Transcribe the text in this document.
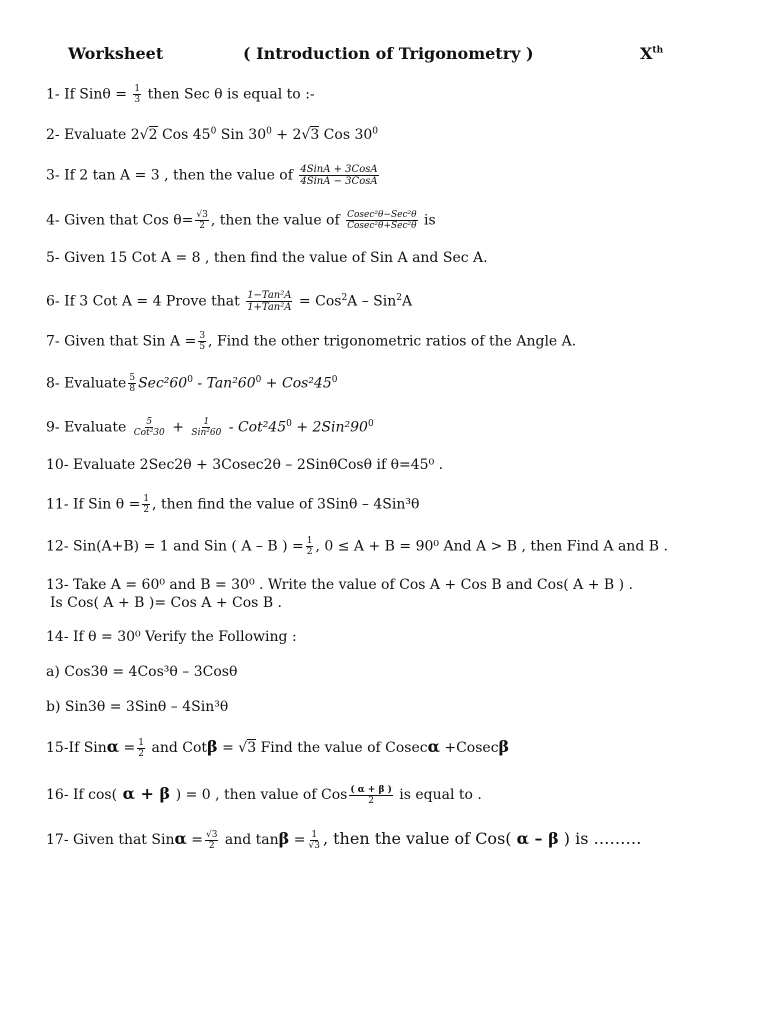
Worksheet	( Introduction of Trigonometry )	Xth
1- If $Sin\theta = \frac{1}{3}$ then Sec θ is equal to :-
2- Evaluate 2√2 Cos $45^0$ Sin $30^0 + 2√3$ Cos $30^0$
3- If 2 tan A = 3 , then the value of $\frac{\text{4SinA + 3CosA}}{\text{4SinA − 3CosA}}$
4- Given that Cos $\theta= \frac{√3}{2}$ , then the value of $\frac{\text{Cosec²θ−Sec²θ}}{\text{Cosec²θ+Sec²θ}}$ is
5- Given 15 Cot A = 8 , then find the value of Sin A and Sec A.
6- If 3 Cot A = 4 Prove that $\frac{\text{1−Tan²A}}{\text{1+Tan²A}} = Cos^2A - Sin^2A$
7- Given that Sin $A = \frac{3}{5}$ , Find the other trigonometric ratios of the Angle A.
8- Evaluate $\frac{5}{8} Sec^260^0 - Tan^260^0 + Cos^245^0$
9- Evaluate $\frac{5}{\text{Cot²30}} + \frac{1}{\text{Sin²60}} - Cot^245^0 + 2Sin^290^0$
10- Evaluate 2Sec2θ + 3Cosec2θ – 2SinθCosθ if θ=45⁰ .
11- If Sin $\theta = \frac{1}{2}$ , then find the value of 3Sinθ – 4Sin³θ
12- Sin(A+B) = 1 and Sin ( A – B ) = $\frac{1}{2}$ , 0 ≤ A + B = 90⁰ And A > B , then Find A and B .
13- Take A = 60⁰ and B = 30⁰ . Write the value of Cos A + Cos B and Cos( A + B ) .
Is Cos( A + B )= Cos A + Cos B .
14- If θ = 30⁰ Verify the Following :
a) Cos3θ = 4Cos³θ – 3Cosθ
b) Sin3θ = 3Sinθ – 4Sin³θ
15-If $Sin\alpha = \frac{1}{2}$ and Cotβ = √3 Find the value of Cosecα +Cosecβ
16- If cos( α + β ) = 0 , then value of Cos $\frac{( \alpha + \beta )}{2}$ is equal to .
17- Given that $Sin\alpha = \frac{√3}{2}$ and $\tan\beta = \frac{1}{√3}$ , then the value of Cos( α – β ) is ………
